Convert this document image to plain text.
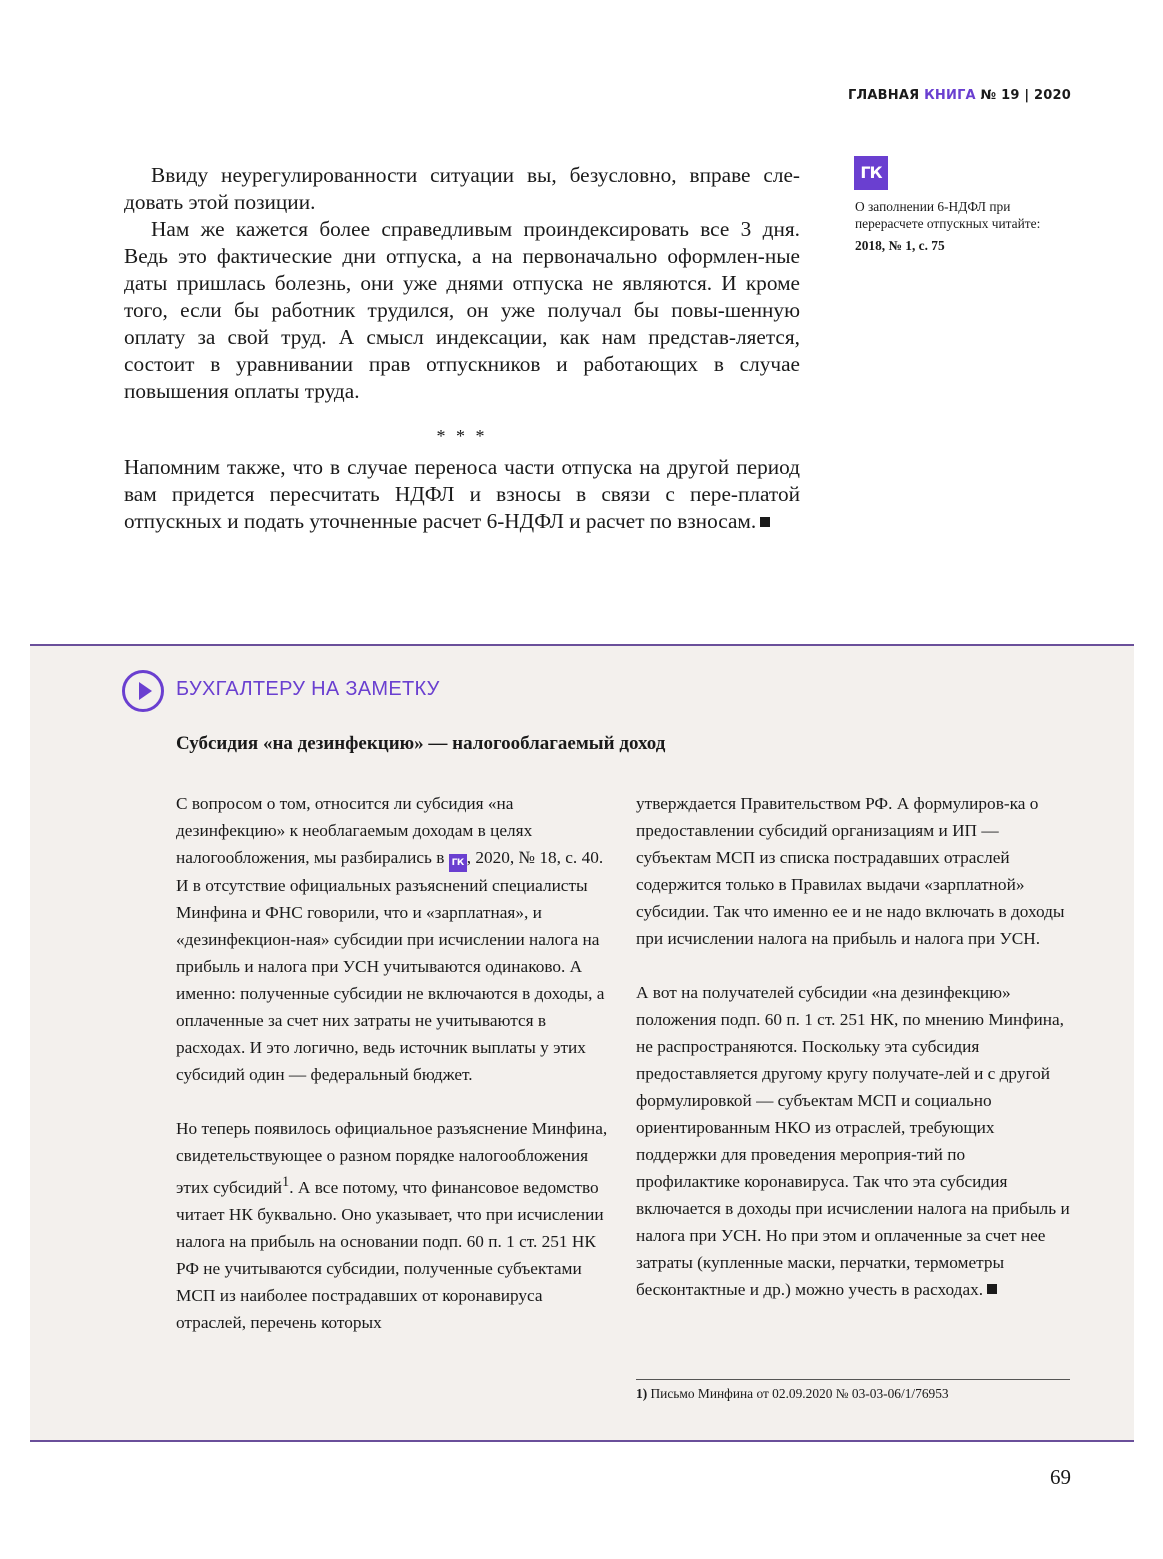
ГЛАВНАЯ КНИГА № 19 | 2020

Ввиду неурегулированности ситуации вы, безусловно, вправе сле-довать этой позиции.

Нам же кажется более справедливым проиндексировать все 3 дня. Ведь это фактические дни отпуска, а на первоначально оформлен-ные даты пришлась болезнь, они уже днями отпуска не являются. И кроме того, если бы работник трудился, он уже получал бы повы-шенную оплату за свой труд. А смысл индексации, как нам представ-ляется, состоит в уравнивании прав отпускников и работающих в случае повышения оплаты труда.

* * *

Напомним также, что в случае переноса части отпуска на другой период вам придется пересчитать НДФЛ и взносы в связи с пере-платой отпускных и подать уточненные расчет 6-НДФЛ и расчет по взносам.

ГК
О заполнении 6-НДФЛ при перерасчете отпускных читайте:
2018, № 1, с. 75
БУХГАЛТЕРУ НА ЗАМЕТКУ
Субсидия «на дезинфекцию» — налогооблагаемый доход

С вопросом о том, относится ли субсидия «на дезинфекцию» к необлагаемым доходам в целях налогообложения, мы разбирались в ГК , 2020, № 18, с. 40. И в отсутствие официальных разъяснений специалисты Минфина и ФНС говорили, что и «зарплатная», и «дезинфекцион-ная» субсидии при исчислении налога на прибыль и налога при УСН учитываются одинаково. А именно: полученные субсидии не включаются в доходы, а оплаченные за счет них затраты не учитываются в расходах. И это логично, ведь источник выплаты у этих субсидий один — федеральный бюджет.

Но теперь появилось официальное разъяснение Минфина, свидетельствующее о разном порядке налогообложения этих субсидий$^1$. А все потому, что финансовое ведомство читает НК буквально. Оно указывает, что при исчислении налога на прибыль на основании подп. 60 п. 1 ст. 251 НК РФ не учитываются субсидии, полученные субъектами МСП из наиболее пострадавших от коронавируса отраслей, перечень которых

утверждается Правительством РФ. А формулиров-ка о предоставлении субсидий организациям и ИП — субъектам МСП из списка пострадавших отраслей содержится только в Правилах выдачи «зарплатной» субсидии. Так что именно ее и не надо включать в доходы при исчислении налога на прибыль и налога при УСН.

А вот на получателей субсидии «на дезинфекцию» положения подп. 60 п. 1 ст. 251 НК, по мнению Минфина, не распространяются. Поскольку эта субсидия предоставляется другому кругу получате-лей и с другой формулировкой — субъектам МСП и социально ориентированным НКО из отраслей, требующих поддержки для проведения мероприя-тий по профилактике коронавируса. Так что эта субсидия включается в доходы при исчислении налога на прибыль и налога при УСН. Но при этом и оплаченные за счет нее затраты (купленные маски, перчатки, термометры бесконтактные и др.) можно учесть в расходах.

1) Письмо Минфина от 02.09.2020 № 03-03-06/1/76953
69
